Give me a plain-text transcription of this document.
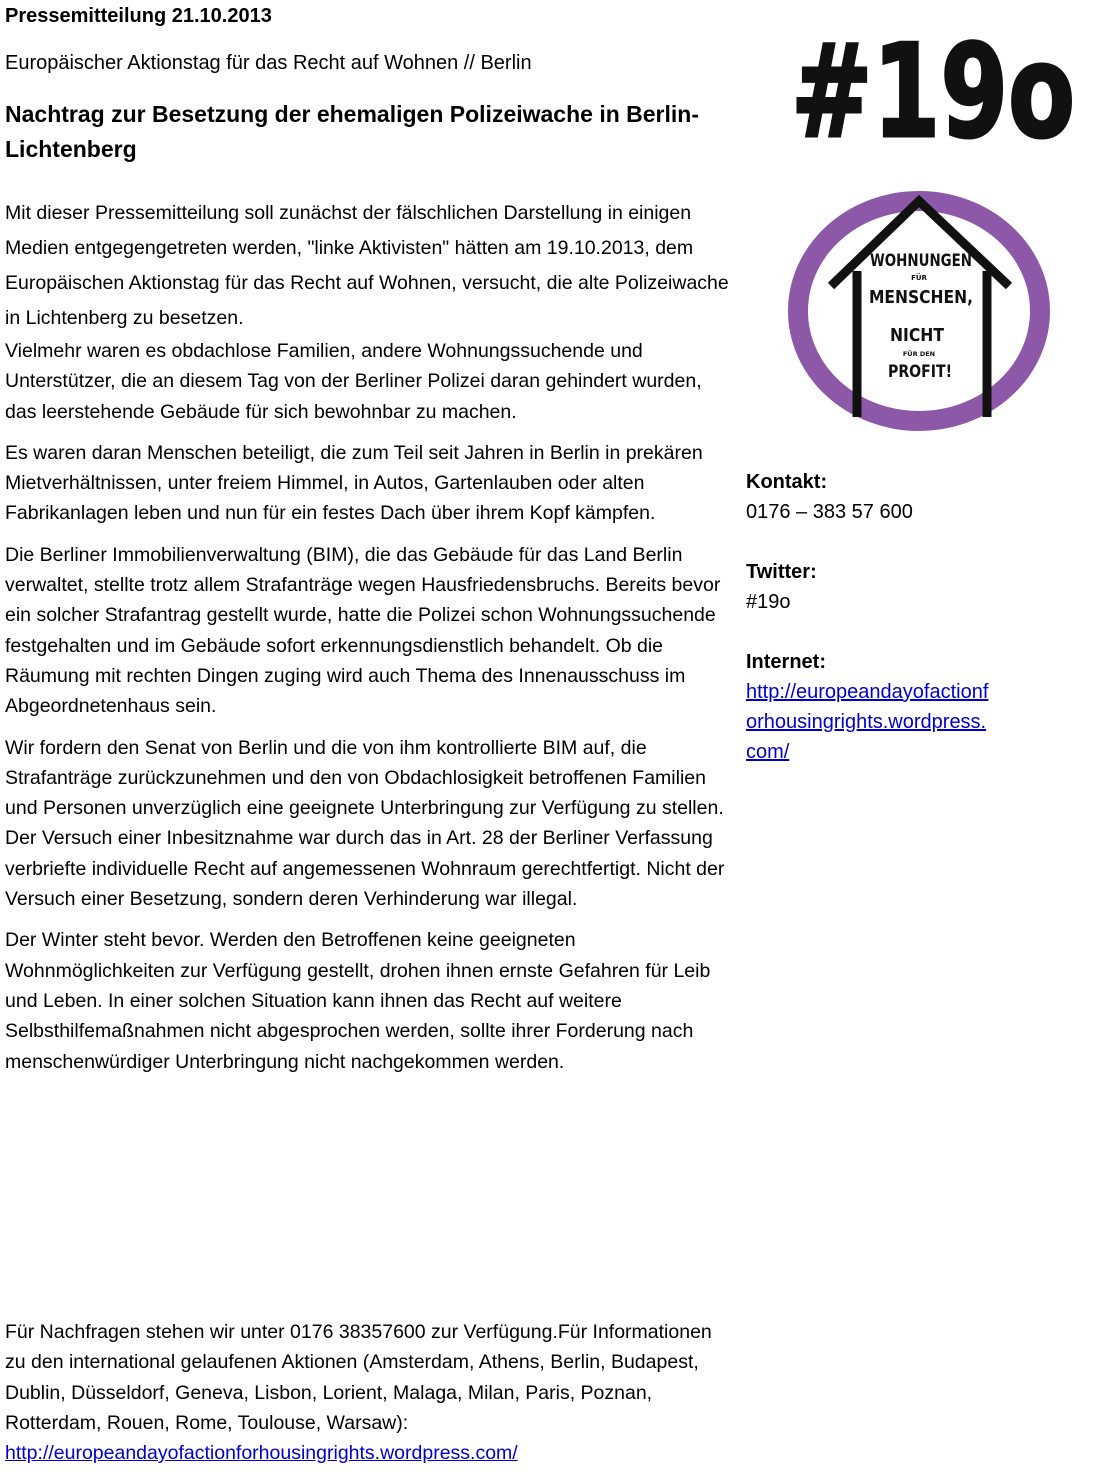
Pressemitteilung 21.10.2013

Europäischer Aktionstag für das Recht auf Wohnen // Berlin

Nachtrag zur Besetzung der ehemaligen Polizeiwache in Berlin-Lichtenberg

Mit dieser Pressemitteilung soll zunächst der fälschlichen Darstellung in einigen Medien entgegengetreten werden, "linke Aktivisten" hätten am 19.10.2013, dem Europäischen Aktionstag für das Recht auf Wohnen, versucht, die alte Polizeiwache in Lichtenberg zu besetzen.

Vielmehr waren es obdachlose Familien, andere Wohnungssuchende und Unterstützer, die an diesem Tag von der Berliner Polizei daran gehindert wurden, das leerstehende Gebäude für sich bewohnbar zu machen.

Es waren daran Menschen beteiligt, die zum Teil seit Jahren in Berlin in prekären Mietverhältnissen, unter freiem Himmel, in Autos, Gartenlauben oder alten Fabrikanlagen leben und nun für ein festes Dach über ihrem Kopf kämpfen.

Die Berliner Immobilienverwaltung (BIM), die das Gebäude für das Land Berlin verwaltet, stellte trotz allem Strafanträge wegen Hausfriedensbruchs. Bereits bevor ein solcher Strafantrag gestellt wurde, hatte die Polizei schon Wohnungssuchende festgehalten und im Gebäude sofort erkennungsdienstlich behandelt. Ob die Räumung mit rechten Dingen zuging wird auch Thema des Innenausschuss im Abgeordnetenhaus sein.

Wir fordern den Senat von Berlin und die von ihm kontrollierte BIM auf, die Strafanträge zurückzunehmen und den von Obdachlosigkeit betroffenen Familien und Personen unverzüglich eine geeignete Unterbringung zur Verfügung zu stellen. Der Versuch einer Inbesitznahme war durch das in Art. 28 der Berliner Verfassung verbriefte individuelle Recht auf angemessenen Wohnraum gerechtfertigt. Nicht der Versuch einer Besetzung, sondern deren Verhinderung war illegal.

Der Winter steht bevor. Werden den Betroffenen keine geeigneten Wohnmöglichkeiten zur Verfügung gestellt, drohen ihnen ernste Gefahren für Leib und Leben. In einer solchen Situation kann ihnen das Recht auf weitere Selbsthilfemaßnahmen nicht abgesprochen werden, sollte ihrer Forderung nach menschenwürdiger Unterbringung nicht nachgekommen werden.

Für Nachfragen stehen wir unter 0176 38357600 zur Verfügung.Für Informationen zu den international gelaufenen Aktionen (Amsterdam, Athens, Berlin, Budapest, Dublin, Düsseldorf, Geneva, Lisbon, Lorient, Malaga, Milan, Paris, Poznan, Rotterdam, Rouen, Rome, Toulouse, Warsaw): http://europeandayofactionforhousingrights.wordpress.com/

#19o
WOHNUNGEN
FÜR
MENSCHEN,
NICHT
FÜR DEN
PROFIT!

Kontakt:

0176 – 383 57 600

Twitter:

#19o

Internet:

http://europeandayofactionforhousingrights.wordpress.com/
